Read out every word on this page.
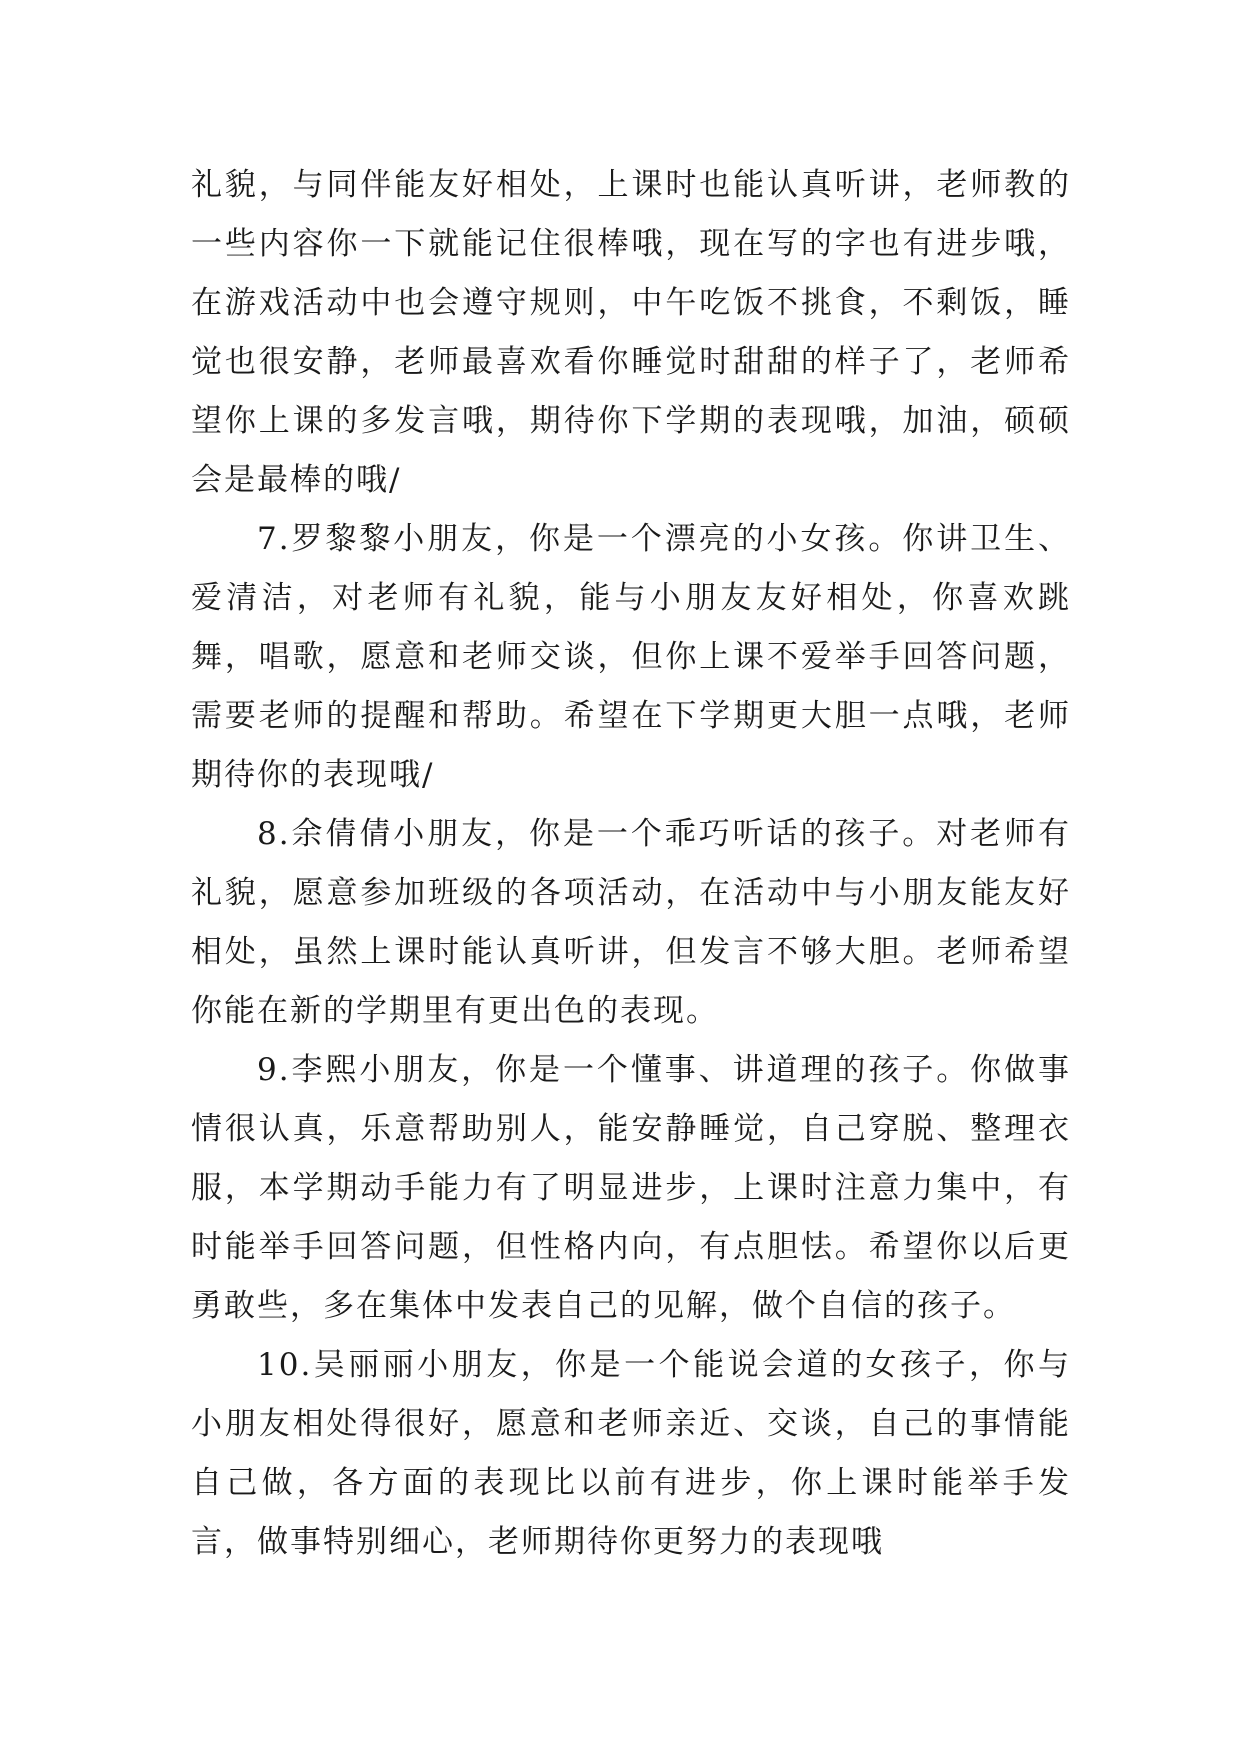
礼貌，与同伴能友好相处，上课时也能认真听讲，老师教的一些内容你一下就能记住很棒哦，现在写的字也有进步哦，在游戏活动中也会遵守规则，中午吃饭不挑食，不剩饭，睡觉也很安静，老师最喜欢看你睡觉时甜甜的样子了，老师希望你上课的多发言哦，期待你下学期的表现哦，加油，硕硕会是最棒的哦/

7.罗黎黎小朋友，你是一个漂亮的小女孩。你讲卫生、爱清洁，对老师有礼貌，能与小朋友友好相处，你喜欢跳舞，唱歌，愿意和老师交谈，但你上课不爱举手回答问题，需要老师的提醒和帮助。希望在下学期更大胆一点哦，老师期待你的表现哦/

8.余倩倩小朋友，你是一个乖巧听话的孩子。对老师有礼貌，愿意参加班级的各项活动，在活动中与小朋友能友好相处，虽然上课时能认真听讲，但发言不够大胆。老师希望你能在新的学期里有更出色的表现。

9.李熙小朋友，你是一个懂事、讲道理的孩子。你做事情很认真，乐意帮助别人，能安静睡觉，自己穿脱、整理衣服，本学期动手能力有了明显进步，上课时注意力集中，有时能举手回答问题，但性格内向，有点胆怯。希望你以后更勇敢些，多在集体中发表自己的见解，做个自信的孩子。

10.吴丽丽小朋友，你是一个能说会道的女孩子，你与小朋友相处得很好，愿意和老师亲近、交谈，自己的事情能自己做，各方面的表现比以前有进步，你上课时能举手发言，做事特别细心，老师期待你更努力的表现哦
